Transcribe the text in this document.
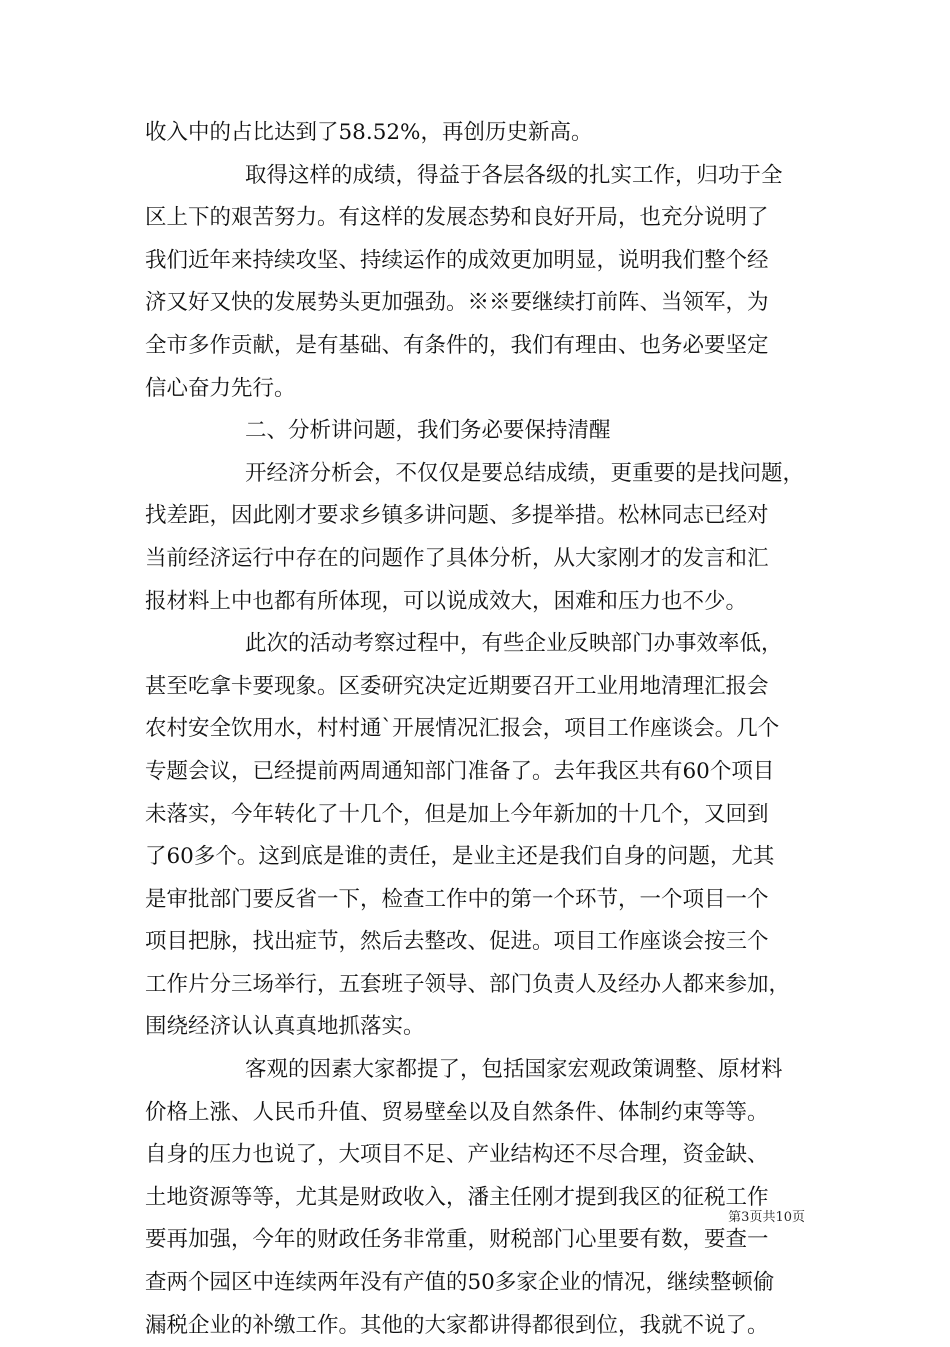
收入中的占比达到了58.52%，再创历史新高。
取得这样的成绩，得益于各层各级的扎实工作，归功于全
区上下的艰苦努力。有这样的发展态势和良好开局，也充分说明了
我们近年来持续攻坚、持续运作的成效更加明显，说明我们整个经
济又好又快的发展势头更加强劲。※※要继续打前阵、当领军，为
全市多作贡献，是有基础、有条件的，我们有理由、也务必要坚定
信心奋力先行。
二、分析讲问题，我们务必要保持清醒
开经济分析会，不仅仅是要总结成绩，更重要的是找问题，
找差距，因此刚才要求乡镇多讲问题、多提举措。松林同志已经对
当前经济运行中存在的问题作了具体分析，从大家刚才的发言和汇
报材料上中也都有所体现，可以说成效大，困难和压力也不少。
此次的活动考察过程中，有些企业反映部门办事效率低，
甚至吃拿卡要现象。区委研究决定近期要召开工业用地清理汇报会
农村安全饮用水，村村通`开展情况汇报会，项目工作座谈会。几个
专题会议，已经提前两周通知部门准备了。去年我区共有60个项目
未落实，今年转化了十几个，但是加上今年新加的十几个，又回到
了60多个。这到底是谁的责任，是业主还是我们自身的问题，尤其
是审批部门要反省一下，检查工作中的第一个环节，一个项目一个
项目把脉，找出症节，然后去整改、促进。项目工作座谈会按三个
工作片分三场举行，五套班子领导、部门负责人及经办人都来参加，
围绕经济认认真真地抓落实。
客观的因素大家都提了，包括国家宏观政策调整、原材料
价格上涨、人民币升值、贸易壁垒以及自然条件、体制约束等等。
自身的压力也说了，大项目不足、产业结构还不尽合理，资金缺、
土地资源等等，尤其是财政收入，潘主任刚才提到我区的征税工作
要再加强，今年的财政任务非常重，财税部门心里要有数，要查一
查两个园区中连续两年没有产值的50多家企业的情况，继续整顿偷
漏税企业的补缴工作。其他的大家都讲得都很到位，我就不说了。
第3页共10页
